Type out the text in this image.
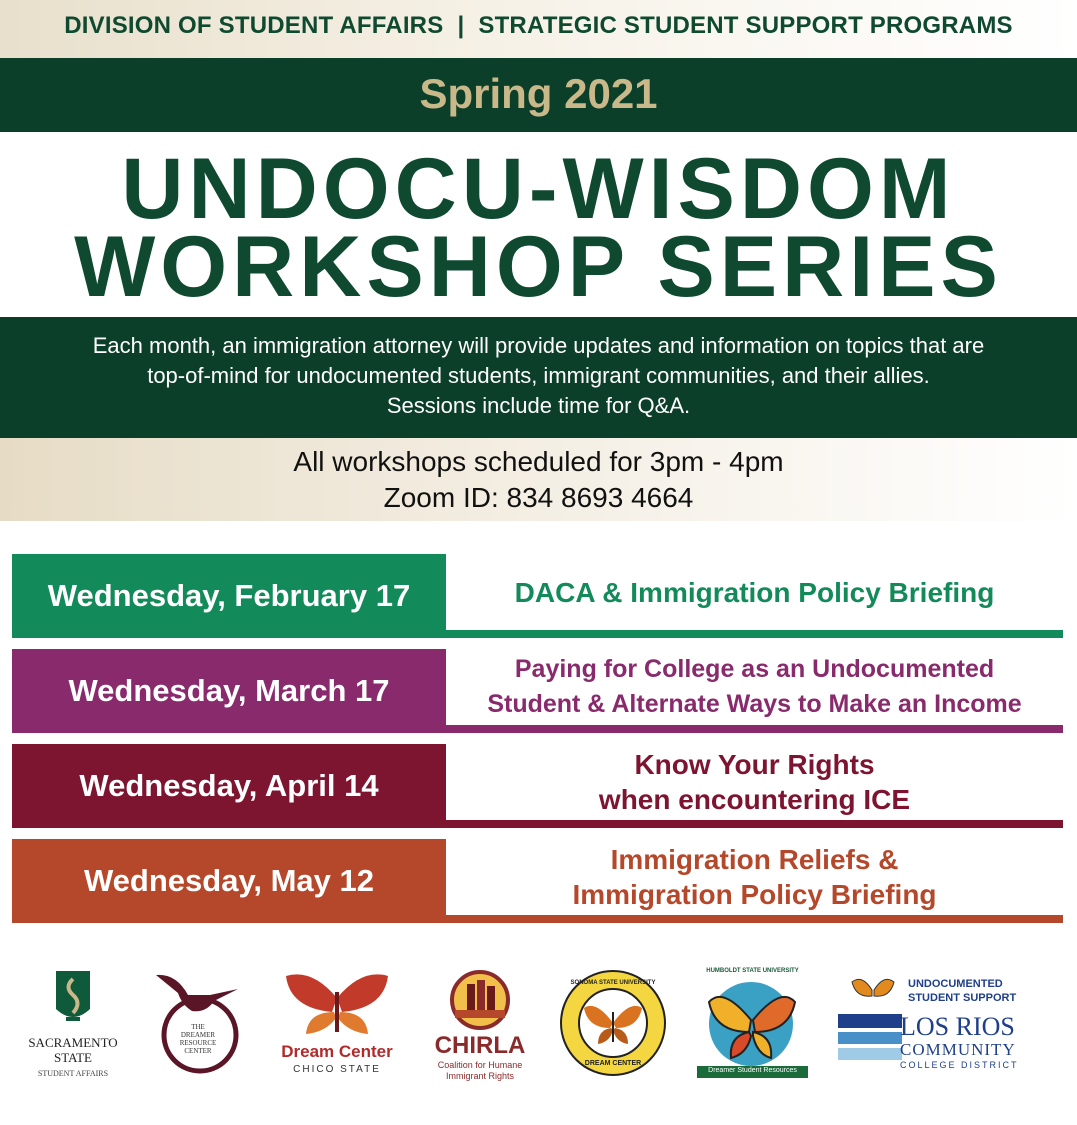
DIVISION OF STUDENT AFFAIRS | STRATEGIC STUDENT SUPPORT PROGRAMS
Spring 2021
UNDOCU-WISDOM
WORKSHOP SERIES
Each month, an immigration attorney will provide updates and information on topics that are
top-of-mind for undocumented students, immigrant communities, and their allies.
Sessions include time for Q&A.
All workshops scheduled for 3pm - 4pm
Zoom ID: 834 8693 4664
Wednesday, February 17	DACA & Immigration Policy Briefing
Wednesday, March 17
Paying for College as an Undocumented
Student & Alternate Ways to Make an Income
Wednesday, April 14
Know Your Rights
when encountering ICE
Wednesday, May 12
Immigration Reliefs &
Immigration Policy Briefing
SACRAMENTO
STATE
STUDENT AFFAIRS
THE
DREAMER
RESOURCE
CENTER	Dream Center
CHICO STATE
CHIRLA
Coalition for Humane
Immigrant Rights
SONOMA STATE UNIVERSITY
DREAM CENTER
HUMBOLDT STATE UNIVERSITY
Dreamer Student Resources
UNDOCUMENTED
STUDENT SUPPORT
LOS RIOS
COMMUNITY
COLLEGE DISTRICT
